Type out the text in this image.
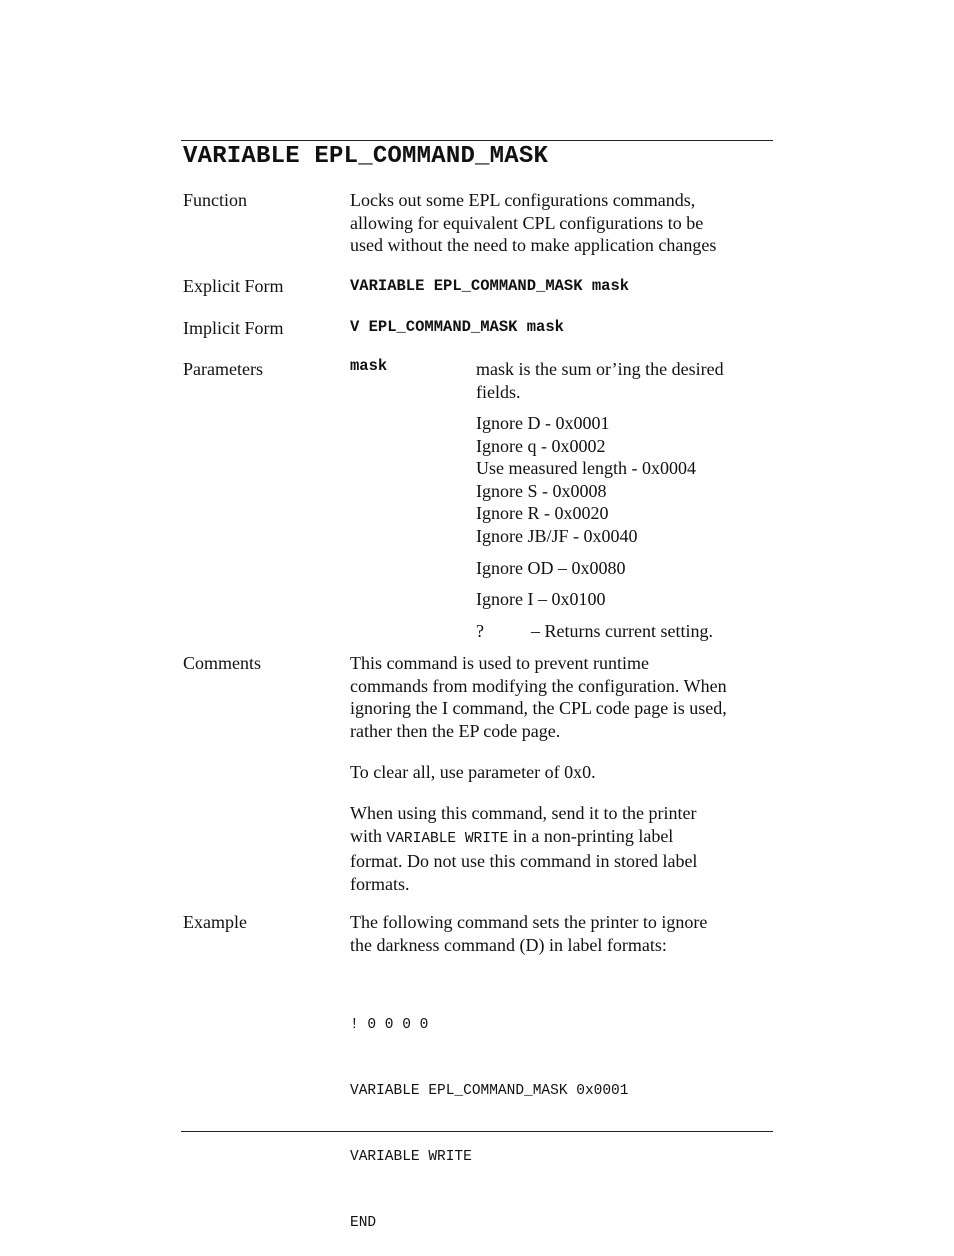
VARIABLE EPL_COMMAND_MASK
Function	Locks out some EPL configurations commands,
allowing for equivalent CPL configurations to be
used without the need to make application changes
Explicit Form	VARIABLE EPL_COMMAND_MASK mask
Implicit Form	V EPL_COMMAND_MASK mask
Parameters	mask	mask is the sum or’ing the desired
fields.
Ignore D - 0x0001
Ignore q - 0x0002
Use measured length - 0x0004
Ignore S - 0x0008
Ignore R - 0x0020
Ignore JB/JF - 0x0040
Ignore OD – 0x0080
Ignore I – 0x0100
?	– Returns current setting.
Comments	This command is used to prevent runtime
commands from modifying the configuration. When
ignoring the I command, the CPL code page is used,
rather then the EP code page.
To clear all, use parameter of 0x0.
When using this command, send it to the printer
with VARIABLE WRITE in a non-printing label
format. Do not use this command in stored label
formats.
Example	The following command sets the printer to ignore
the darkness command (D) in label formats:

! 0 0 0 0

VARIABLE EPL_COMMAND_MASK 0x0001

VARIABLE WRITE

END
